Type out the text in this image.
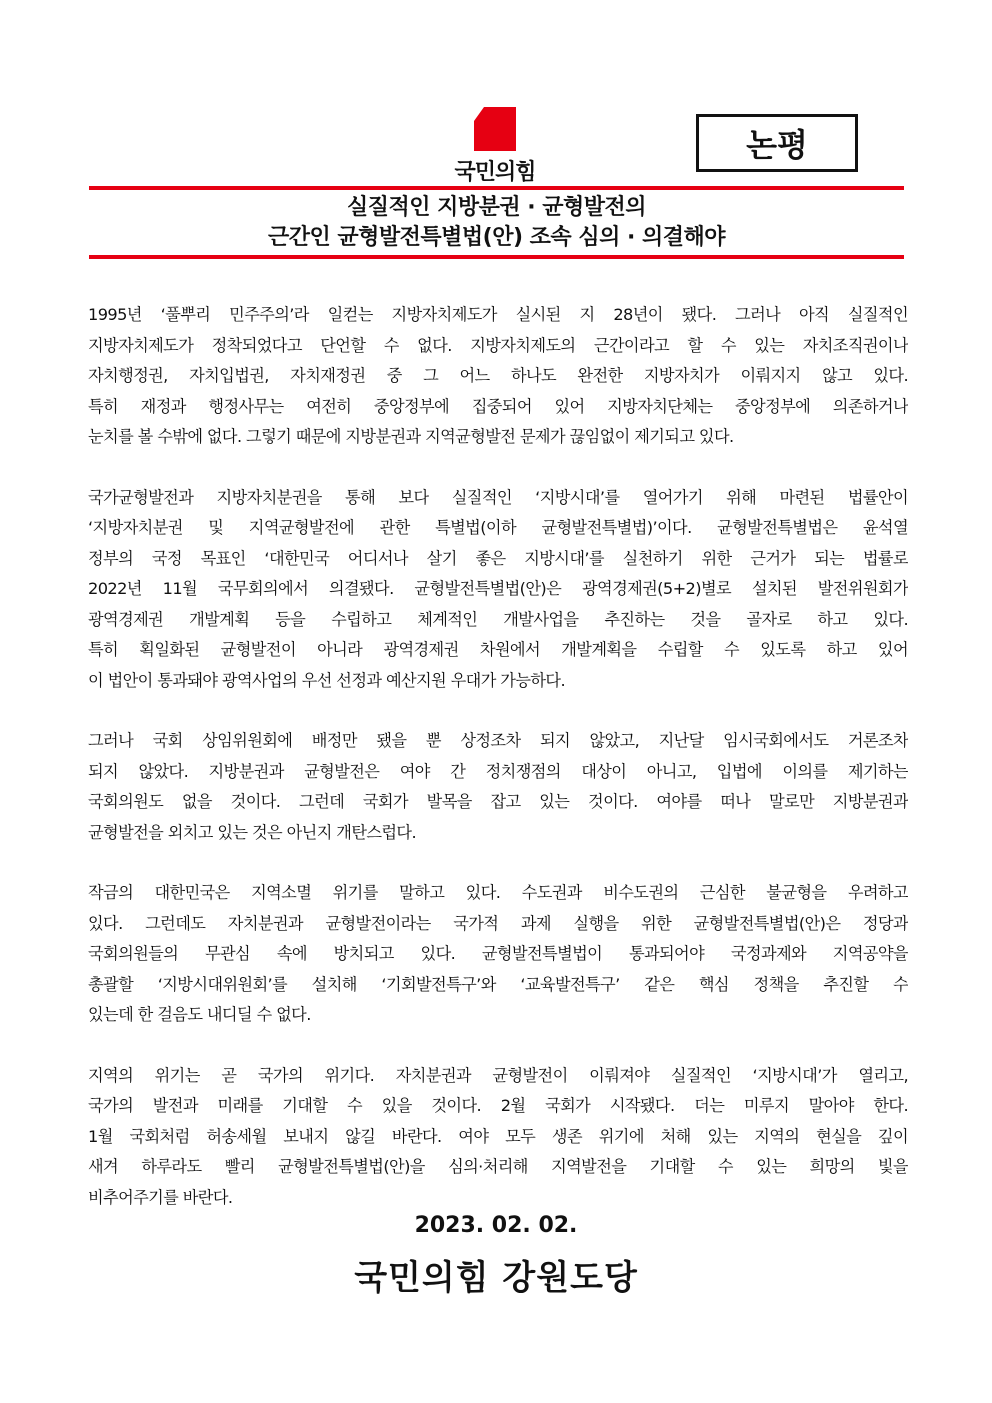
국민의힘
논평
실질적인 지방분권 · 균형발전의
근간인 균형발전특별법(안) 조속 심의 · 의결해야
1995년 ‘풀뿌리 민주주의’라 일컫는 지방자치제도가 실시된 지 28년이 됐다. 그러나 아직 실질적인
지방자치제도가 정착되었다고 단언할 수 없다. 지방자치제도의 근간이라고 할 수 있는 자치조직권이나
자치행정권, 자치입법권, 자치재정권 중 그 어느 하나도 완전한 지방자치가 이뤄지지 않고 있다.
특히 재정과 행정사무는 여전히 중앙정부에 집중되어 있어 지방자치단체는 중앙정부에 의존하거나
눈치를 볼 수밖에 없다. 그렇기 때문에 지방분권과 지역균형발전 문제가 끊임없이 제기되고 있다.
국가균형발전과 지방자치분권을 통해 보다 실질적인 ‘지방시대’를 열어가기 위해 마련된 법률안이
‘지방자치분권 및 지역균형발전에 관한 특별법(이하 균형발전특별법)’이다. 균형발전특별법은 윤석열
정부의 국정 목표인 ‘대한민국 어디서나 살기 좋은 지방시대’를 실천하기 위한 근거가 되는 법률로
2022년 11월 국무회의에서 의결됐다. 균형발전특별법(안)은 광역경제권(5+2)별로 설치된 발전위원회가
광역경제권 개발계획 등을 수립하고 체계적인 개발사업을 추진하는 것을 골자로 하고 있다.
특히 획일화된 균형발전이 아니라 광역경제권 차원에서 개발계획을 수립할 수 있도록 하고 있어
이 법안이 통과돼야 광역사업의 우선 선정과 예산지원 우대가 가능하다.
그러나 국회 상임위원회에 배정만 됐을 뿐 상정조차 되지 않았고, 지난달 임시국회에서도 거론조차
되지 않았다. 지방분권과 균형발전은 여야 간 정치쟁점의 대상이 아니고, 입법에 이의를 제기하는
국회의원도 없을 것이다. 그런데 국회가 발목을 잡고 있는 것이다. 여야를 떠나 말로만 지방분권과
균형발전을 외치고 있는 것은 아닌지 개탄스럽다.
작금의 대한민국은 지역소멸 위기를 말하고 있다. 수도권과 비수도권의 근심한 불균형을 우려하고
있다. 그런데도 자치분권과 균형발전이라는 국가적 과제 실행을 위한 균형발전특별법(안)은 정당과
국회의원들의 무관심 속에 방치되고 있다. 균형발전특별법이 통과되어야 국정과제와 지역공약을
총괄할 ‘지방시대위원회’를 설치해 ‘기회발전특구’와 ‘교육발전특구’ 같은 핵심 정책을 추진할 수
있는데 한 걸음도 내디딜 수 없다.
지역의 위기는 곧 국가의 위기다. 자치분권과 균형발전이 이뤄져야 실질적인 ‘지방시대’가 열리고,
국가의 발전과 미래를 기대할 수 있을 것이다. 2월 국회가 시작됐다. 더는 미루지 말아야 한다.
1월 국회처럼 허송세월 보내지 않길 바란다. 여야 모두 생존 위기에 처해 있는 지역의 현실을 깊이
새겨 하루라도 빨리 균형발전특별법(안)을 심의·처리해 지역발전을 기대할 수 있는 희망의 빛을
비추어주기를 바란다.
2023. 02. 02.
국민의힘 강원도당
